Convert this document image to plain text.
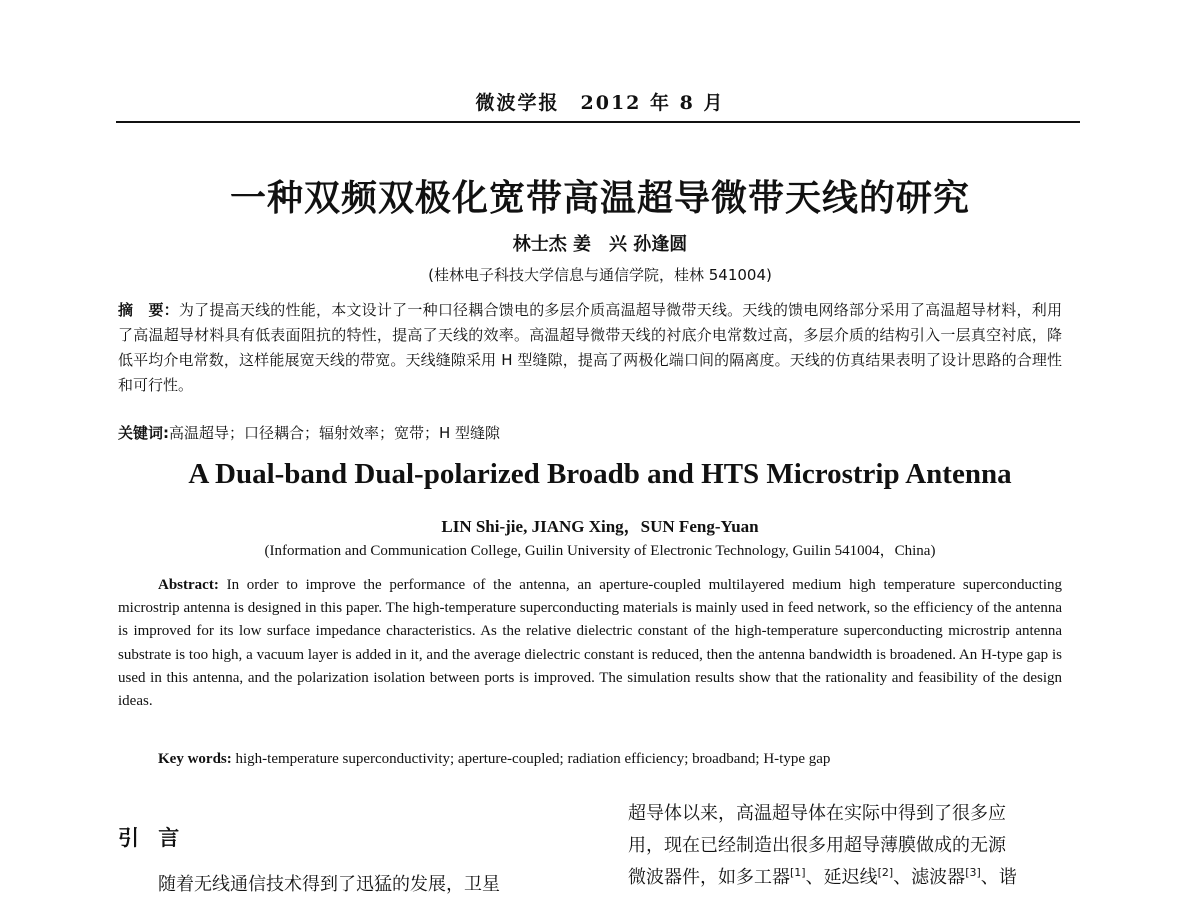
微波学报　2012 年 8 月
一种双频双极化宽带高温超导微带天线的研究
林士杰 姜　兴 孙逢圆
(桂林电子科技大学信息与通信学院，桂林 541004)
摘　要：为了提高天线的性能，本文设计了一种口径耦合馈电的多层介质高温超导微带天线。天线的馈电网络部分采用了高温超导材料，利用了高温超导材料具有低表面阻抗的特性，提高了天线的效率。高温超导微带天线的衬底介电常数过高，多层介质的结构引入一层真空衬底，降低平均介电常数，这样能展宽天线的带宽。天线缝隙采用 H 型缝隙，提高了两极化端口间的隔离度。天线的仿真结果表明了设计思路的合理性和可行性。
关键词:高温超导；口径耦合；辐射效率；宽带；H 型缝隙
A Dual-band Dual-polarized Broadb and HTS Microstrip Antenna
LIN Shi-jie, JIANG Xing，SUN Feng-Yuan
(Information and Communication College, Guilin University of Electronic Technology, Guilin 541004，China)
Abstract: In order to improve the performance of the antenna, an aperture-coupled multilayered medium high temperature superconducting microstrip antenna is designed in this paper. The high-temperature superconducting materials is mainly used in feed network, so the efficiency of the antenna is improved for its low surface impedance characteristics. As the relative dielectric constant of the high-temperature superconducting microstrip antenna substrate is too high, a vacuum layer is added in it, and the average dielectric constant is reduced, then the antenna bandwidth is broadened. An H-type gap is used in this antenna, and the polarization isolation between ports is improved. The simulation results show that the rationality and feasibility of the design ideas.
Key words: high-temperature superconductivity; aperture-coupled; radiation efficiency; broadband; H-type gap
引 言
随着无线通信技术得到了迅猛的发展，卫星
超导体以来，高温超导体在实际中得到了很多应
用，现在已经制造出很多用超导薄膜做成的无源
微波器件，如多工器[1]、延迟线[2]、滤波器[3]、谐
